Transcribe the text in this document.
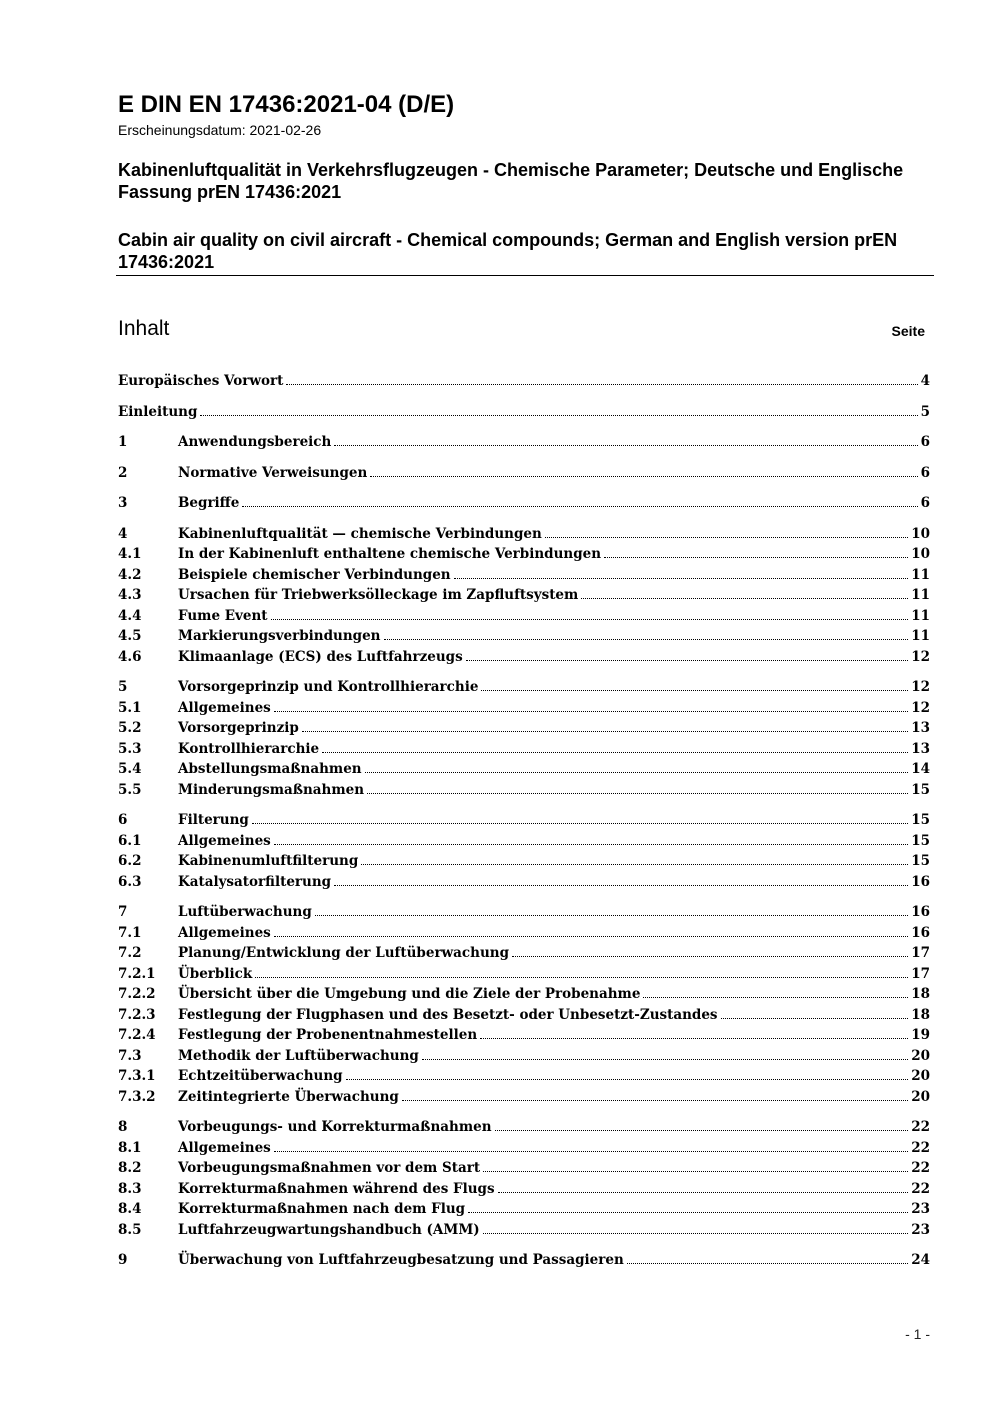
E DIN EN 17436:2021-04 (D/E)
Erscheinungsdatum: 2021-02-26
Kabinenluftqualität in Verkehrsflugzeugen - Chemische Parameter; Deutsche und Englische Fassung prEN 17436:2021
Cabin air quality on civil aircraft - Chemical compounds; German and English version prEN 17436:2021
Inhalt	Seite
Europäisches Vorwort	4
Einleitung	5
1	Anwendungsbereich	6
2	Normative Verweisungen	6
3	Begriffe	6
4	Kabinenluftqualität — chemische Verbindungen	10
4.1	In der Kabinenluft enthaltene chemische Verbindungen	10
4.2	Beispiele chemischer Verbindungen	11
4.3	Ursachen für Triebwerksölleckage im Zapfluftsystem	11
4.4	Fume Event	11
4.5	Markierungsverbindungen	11
4.6	Klimaanlage (ECS) des Luftfahrzeugs	12
5	Vorsorgeprinzip und Kontrollhierarchie	12
5.1	Allgemeines	12
5.2	Vorsorgeprinzip	13
5.3	Kontrollhierarchie	13
5.4	Abstellungsmaßnahmen	14
5.5	Minderungsmaßnahmen	15
6	Filterung	15
6.1	Allgemeines	15
6.2	Kabinenumluftfilterung	15
6.3	Katalysatorfilterung	16
7	Luftüberwachung	16
7.1	Allgemeines	16
7.2	Planung/Entwicklung der Luftüberwachung	17
7.2.1	Überblick	17
7.2.2	Übersicht über die Umgebung und die Ziele der Probenahme	18
7.2.3	Festlegung der Flugphasen und des Besetzt- oder Unbesetzt-Zustandes	18
7.2.4	Festlegung der Probenentnahmestellen	19
7.3	Methodik der Luftüberwachung	20
7.3.1	Echtzeitüberwachung	20
7.3.2	Zeitintegrierte Überwachung	20
8	Vorbeugungs- und Korrekturmaßnahmen	22
8.1	Allgemeines	22
8.2	Vorbeugungsmaßnahmen vor dem Start	22
8.3	Korrekturmaßnahmen während des Flugs	22
8.4	Korrekturmaßnahmen nach dem Flug	23
8.5	Luftfahrzeugwartungshandbuch (AMM)	23
9	Überwachung von Luftfahrzeugbesatzung und Passagieren	24
- 1 -
